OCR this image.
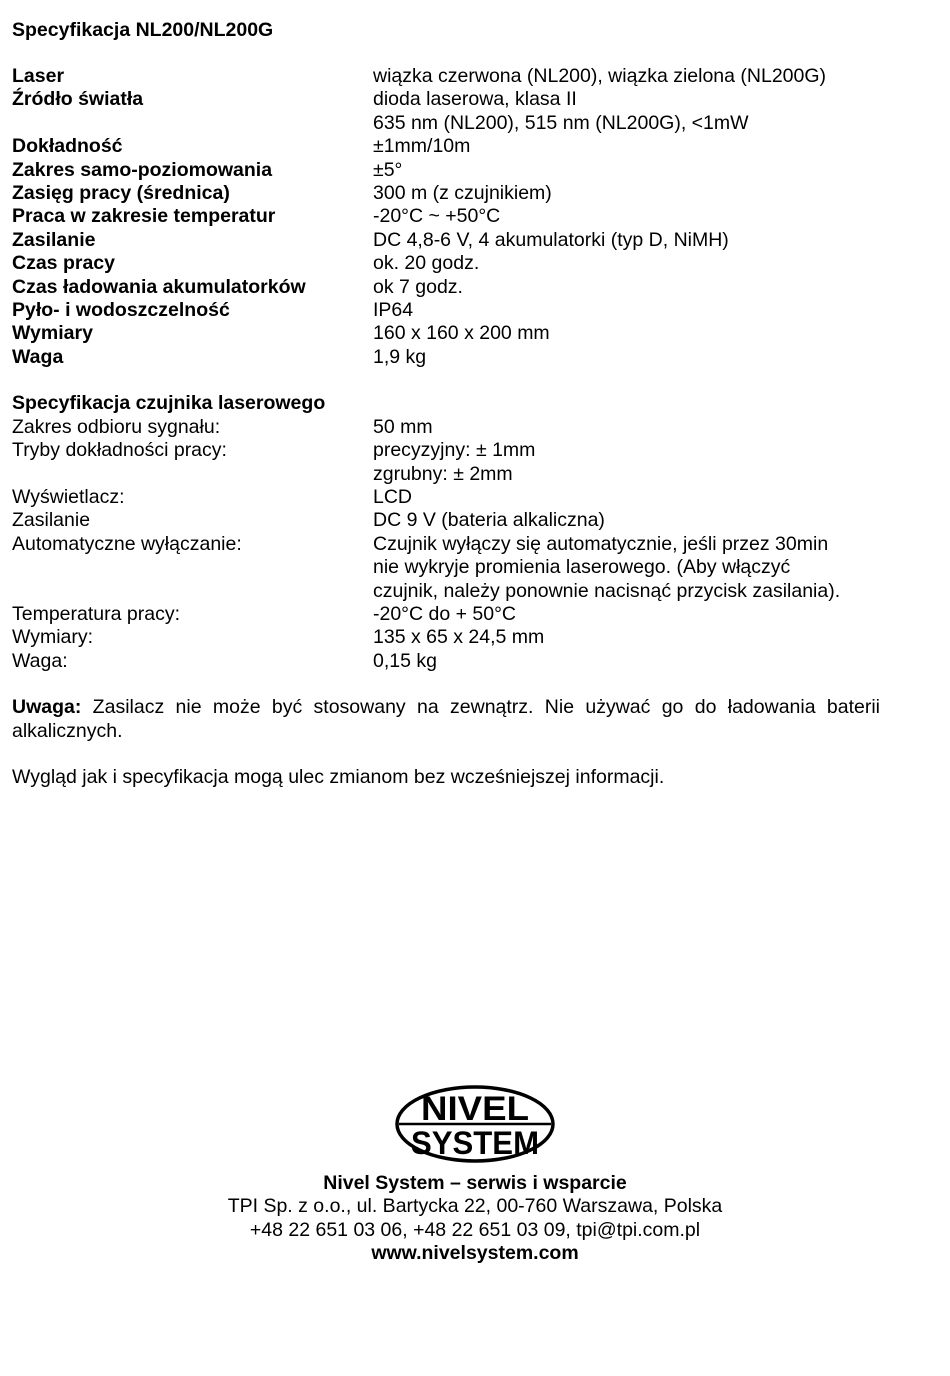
Specyfikacja NL200/NL200G
Laser	wiązka czerwona (NL200), wiązka zielona (NL200G)
Źródło światła	dioda laserowa, klasa II
635 nm (NL200), 515 nm (NL200G), <1mW
Dokładność	±1mm/10m
Zakres samo-poziomowania	±5°
Zasięg pracy (średnica)	300 m (z czujnikiem)
Praca w zakresie temperatur	-20°C ~ +50°C
Zasilanie	DC 4,8-6 V, 4 akumulatorki (typ D, NiMH)
Czas pracy	ok. 20 godz.
Czas ładowania akumulatorków	ok 7 godz.
Pyło- i wodoszczelność	IP64
Wymiary	160 x 160 x 200 mm
Waga	1,9 kg
Specyfikacja czujnika laserowego
Zakres odbioru sygnału:	50 mm
Tryby dokładności pracy:	precyzyjny: ± 1mm
zgrubny: ± 2mm
Wyświetlacz:	LCD
Zasilanie	DC 9 V (bateria alkaliczna)
Automatyczne wyłączanie:	Czujnik wyłączy się automatycznie, jeśli przez 30min
nie wykryje promienia laserowego. (Aby włączyć
czujnik, należy ponownie nacisnąć przycisk zasilania).
Temperatura pracy:	-20°C do + 50°C
Wymiary:	135 x 65 x 24,5 mm
Waga:	0,15 kg

Uwaga: Zasilacz nie może być stosowany na zewnątrz. Nie używać go do ładowania baterii alkalicznych.

Wygląd jak i specyfikacja mogą ulec zmianom bez wcześniejszej informacji.
NIVEL
SYSTEM
Nivel System – serwis i wsparcie
TPI Sp. z o.o., ul. Bartycka 22, 00-760 Warszawa, Polska
+48 22 651 03 06, +48 22 651 03 09, tpi@tpi.com.pl
www.nivelsystem.com
